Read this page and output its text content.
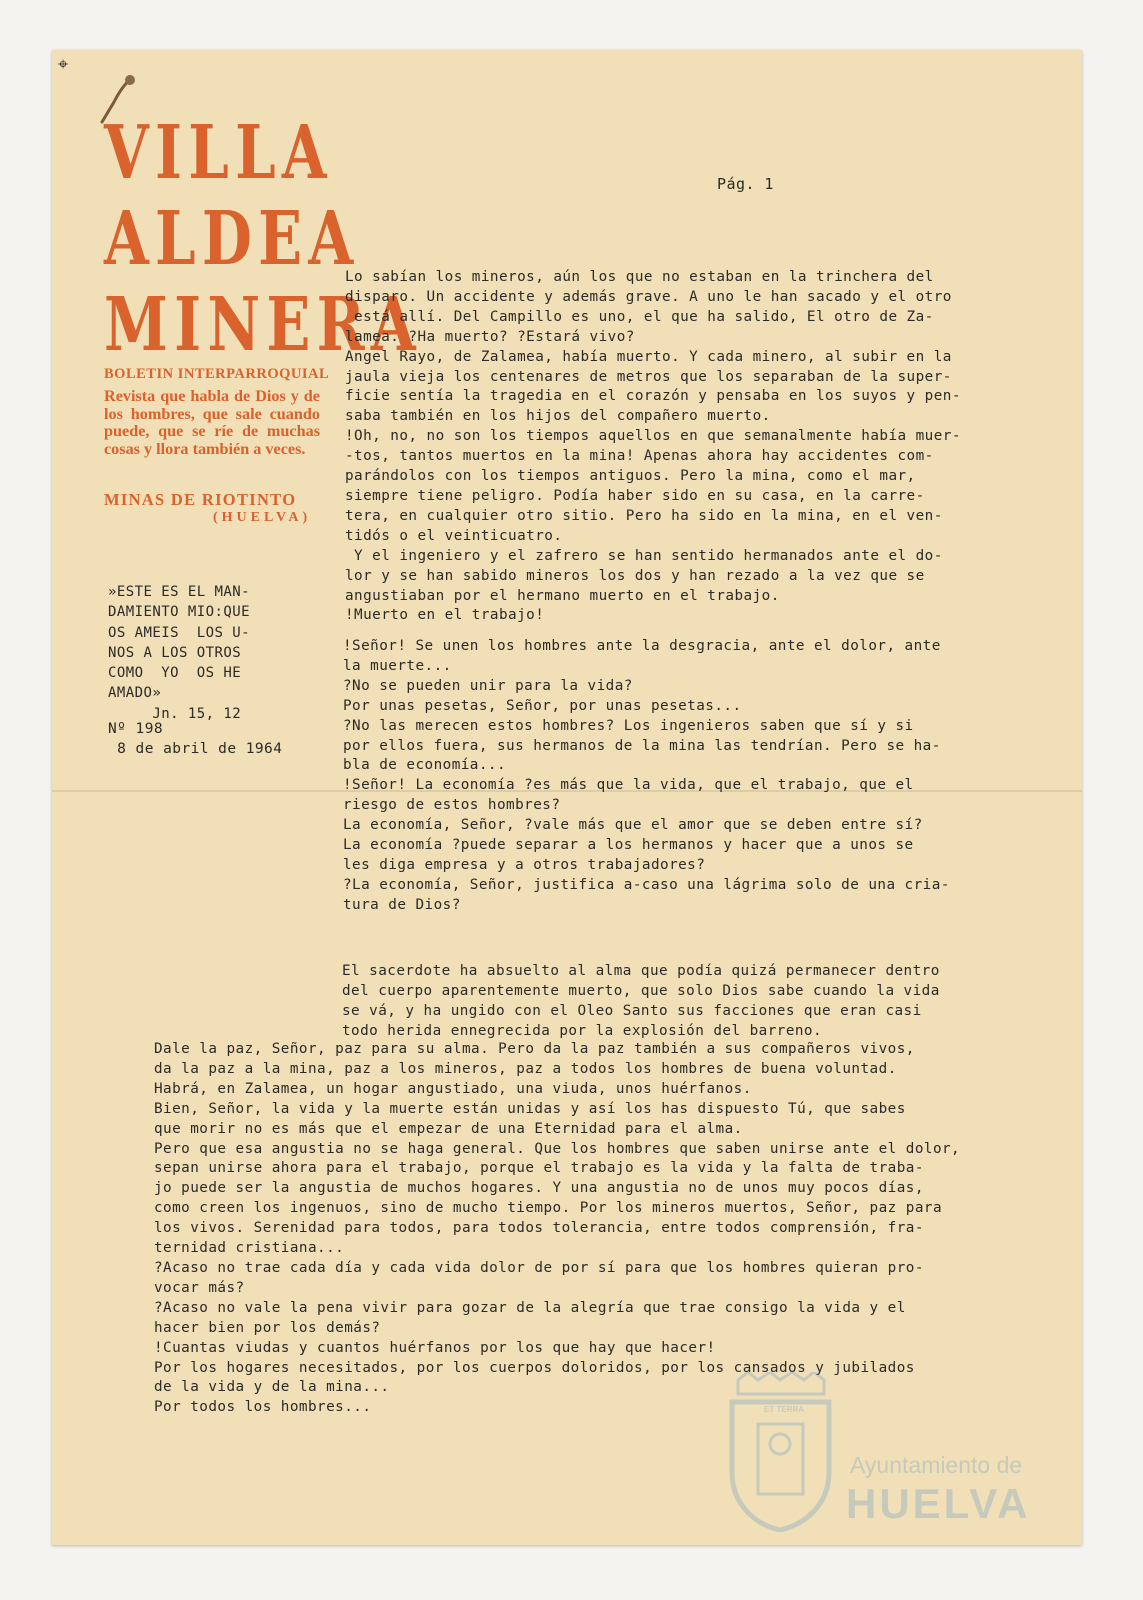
⌖
VILLA
ALDEA
MINERA
BOLETIN INTERPARROQUIAL
Revista que habla de Dios y de los hombres, que sale cuando puede, que se ríe de muchas cosas y llora también a veces.
MINAS DE RIOTINTO
(HUELVA)
»ESTE ES EL MAN-
DAMIENTO MIO:QUE
OS AMEIS  LOS U-
NOS A LOS OTROS
COMO  YO  OS HE
AMADO»
Jn. 15, 12
Nº 198
8 de abril de 1964
Pág. 1
Lo sabían los mineros, aún los que no estaban en la trinchera del
disparo. Un accidente y además grave. A uno le han sacado y el otro
está allí. Del Campillo es uno, el que ha salido, El otro de Za-
lamea. ?Ha muerto? ?Estará vivo?
Angel Rayo, de Zalamea, había muerto. Y cada minero, al subir en la
jaula vieja los centenares de metros que los separaban de la super-
ficie sentía la tragedia en el corazón y pensaba en los suyos y pen-
saba también en los hijos del compañero muerto.
!Oh, no, no son los tiempos aquellos en que semanalmente había muer-
-tos, tantos muertos en la mina! Apenas ahora hay accidentes com-
parándolos con los tiempos antiguos. Pero la mina, como el mar,
siempre tiene peligro. Podía haber sido en su casa, en la carre-
tera, en cualquier otro sitio. Pero ha sido en la mina, en el ven-
tidós o el veinticuatro.
Y el ingeniero y el zafrero se han sentido hermanados ante el do-
lor y se han sabido mineros los dos y han rezado a la vez que se
angustiaban por el hermano muerto en el trabajo.
!Muerto en el trabajo!
!Señor! Se unen los hombres ante la desgracia, ante el dolor, ante
la muerte...
?No se pueden unir para la vida?
Por unas pesetas, Señor, por unas pesetas...
?No las merecen estos hombres? Los ingenieros saben que sí y si
por ellos fuera, sus hermanos de la mina las tendrían. Pero se ha-
bla de economía...
!Señor! La economía ?es más que la vida, que el trabajo, que el
riesgo de estos hombres?
La economía, Señor, ?vale más que el amor que se deben entre sí?
La economía ?puede separar a los hermanos y hacer que a unos se
les diga empresa y a otros trabajadores?
?La economía, Señor, justifica a-caso una lágrima solo de una cria-
tura de Dios?
El sacerdote ha absuelto al alma que podía quizá permanecer dentro
del cuerpo aparentemente muerto, que solo Dios sabe cuando la vida
se vá, y ha ungido con el Oleo Santo sus facciones que eran casi
todo herida ennegrecida por la explosión del barreno.
Dale la paz, Señor, paz para su alma. Pero da la paz también a sus compañeros vivos,
da la paz a la mina, paz a los mineros, paz a todos los hombres de buena voluntad.
Habrá, en Zalamea, un hogar angustiado, una viuda, unos huérfanos.
Bien, Señor, la vida y la muerte están unidas y así los has dispuesto Tú, que sabes
que morir no es más que el empezar de una Eternidad para el alma.
Pero que esa angustia no se haga general. Que los hombres que saben unirse ante el dolor,
sepan unirse ahora para el trabajo, porque el trabajo es la vida y la falta de traba-
jo puede ser la angustia de muchos hogares. Y una angustia no de unos muy pocos días,
como creen los ingenuos, sino de mucho tiempo. Por los mineros muertos, Señor, paz para
los vivos. Serenidad para todos, para todos tolerancia, entre todos comprensión, fra-
ternidad cristiana...
?Acaso no trae cada día y cada vida dolor de por sí para que los hombres quieran pro-
vocar más?
?Acaso no vale la pena vivir para gozar de la alegría que trae consigo la vida y el
hacer bien por los demás?
!Cuantas viudas y cuantos huérfanos por los que hay que hacer!
Por los hogares necesitados, por los cuerpos doloridos, por los cansados y jubilados
de la vida y de la mina...
Por todos los hombres...	ET TERRA
Ayuntamiento de
HUELVA
